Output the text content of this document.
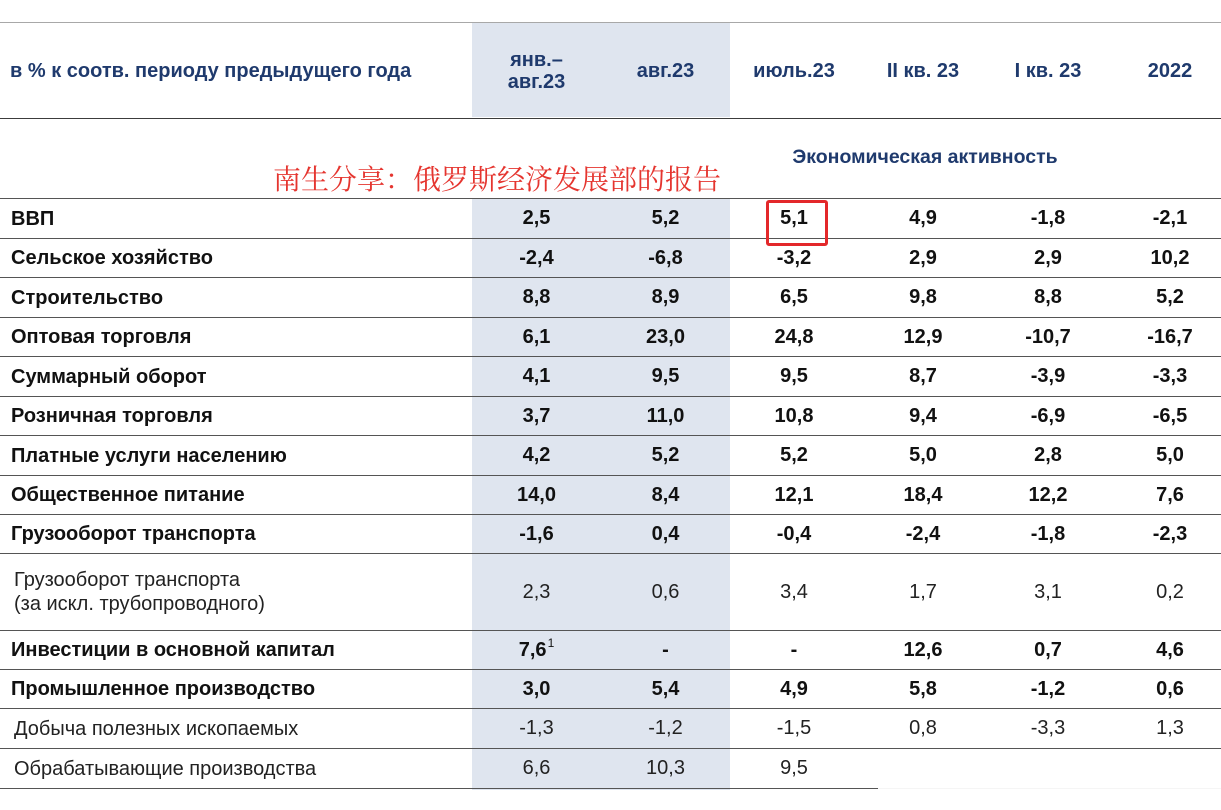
в % к соотв. периоду предыдущего года	янв.–
авг.23	авг.23	июль.23	II кв. 23	I кв. 23	2022
Экономическая активность
ВВП	2,5	5,2	5,1	4,9	-1,8	-2,1
Сельское хозяйство	-2,4	-6,8	-3,2	2,9	2,9	10,2
Строительство	8,8	8,9	6,5	9,8	8,8	5,2
Оптовая торговля	6,1	23,0	24,8	12,9	-10,7	-16,7
Суммарный оборот	4,1	9,5	9,5	8,7	-3,9	-3,3
Розничная торговля	3,7	11,0	10,8	9,4	-6,9	-6,5
Платные услуги населению	4,2	5,2	5,2	5,0	2,8	5,0
Общественное питание	14,0	8,4	12,1	18,4	12,2	7,6
Грузооборот транспорта	-1,6	0,4	-0,4	-2,4	-1,8	-2,3
Грузооборот транспорта
(за искл. трубопроводного)
2,3	0,6	3,4	1,7	3,1	0,2
Инвестиции в основной капитал	7,6 1	-	-	12,6	0,7	4,6
Промышленное производство	3,0	5,4	4,9	5,8	-1,2	0,6
Добыча полезных ископаемых	-1,3	-1,2	-1,5	0,8	-3,3	1,3
Обрабатывающие производства	6,6	10,3	9,5
南生分享：俄罗斯经济发展部的报告
